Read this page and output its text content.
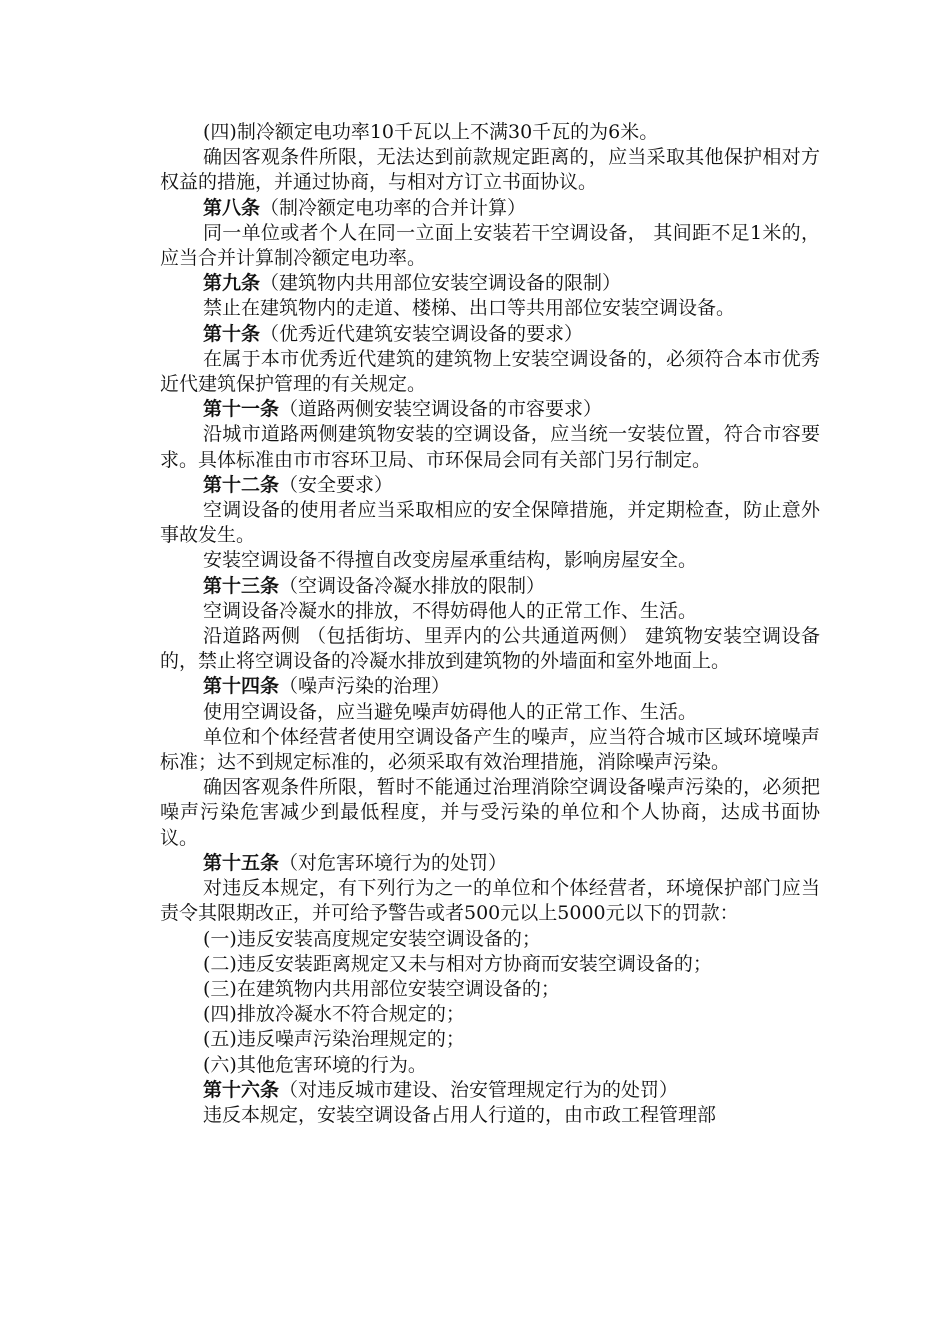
(四)制冷额定电功率10千瓦以上不满30千瓦的为6米。

确因客观条件所限，无法达到前款规定距离的，应当采取其他保护相对方权益的措施，并通过协商，与相对方订立书面协议。

第八条（制冷额定电功率的合并计算）

同一单位或者个人在同一立面上安装若干空调设备， 其间距不足1米的，应当合并计算制冷额定电功率。

第九条（建筑物内共用部位安装空调设备的限制）

禁止在建筑物内的走道、楼梯、出口等共用部位安装空调设备。

第十条（优秀近代建筑安装空调设备的要求）

在属于本市优秀近代建筑的建筑物上安装空调设备的，必须符合本市优秀近代建筑保护管理的有关规定。

第十一条（道路两侧安装空调设备的市容要求）

沿城市道路两侧建筑物安装的空调设备，应当统一安装位置，符合市容要求。具体标准由市市容环卫局、市环保局会同有关部门另行制定。

第十二条（安全要求）

空调设备的使用者应当采取相应的安全保障措施，并定期检查，防止意外事故发生。

安装空调设备不得擅自改变房屋承重结构，影响房屋安全。

第十三条（空调设备冷凝水排放的限制）

空调设备冷凝水的排放，不得妨碍他人的正常工作、生活。

沿道路两侧 （包括街坊、里弄内的公共通道两侧） 建筑物安装空调设备的，禁止将空调设备的冷凝水排放到建筑物的外墙面和室外地面上。

第十四条（噪声污染的治理）

使用空调设备，应当避免噪声妨碍他人的正常工作、生活。

单位和个体经营者使用空调设备产生的噪声，应当符合城市区域环境噪声标准；达不到规定标准的，必须采取有效治理措施，消除噪声污染。

确因客观条件所限，暂时不能通过治理消除空调设备噪声污染的，必须把噪声污染危害减少到最低程度，并与受污染的单位和个人协商，达成书面协议。

第十五条（对危害环境行为的处罚）

对违反本规定，有下列行为之一的单位和个体经营者，环境保护部门应当责令其限期改正，并可给予警告或者500元以上5000元以下的罚款：

(一)违反安装高度规定安装空调设备的；

(二)违反安装距离规定又未与相对方协商而安装空调设备的；

(三)在建筑物内共用部位安装空调设备的；

(四)排放冷凝水不符合规定的；

(五)违反噪声污染治理规定的；

(六)其他危害环境的行为。

第十六条（对违反城市建设、治安管理规定行为的处罚）

违反本规定，安装空调设备占用人行道的，由市政工程管理部
